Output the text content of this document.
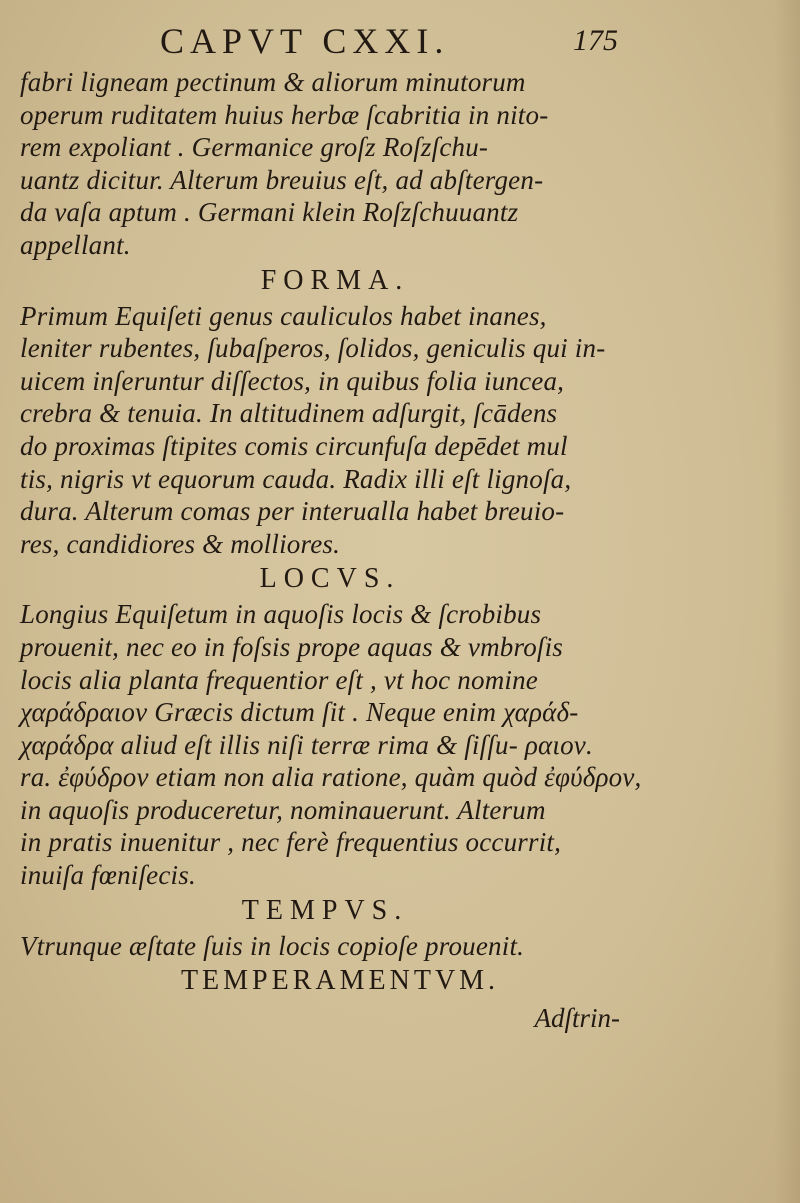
CAPVT CXXI.	175
fabri ligneam pectinum & aliorum minutorum
operum ruditatem huius herbæ ſcabritia in nito-
rem expoliant . Germanice groſz Roſzſchu-
uantz dicitur. Alterum breuius eſt, ad abſtergen-
da vaſa aptum . Germani klein Roſzſchuuantz
appellant.
FORMA.
Primum Equiſeti genus cauliculos habet inanes,
leniter rubentes, ſubaſperos, ſolidos, geniculis qui in-
uicem inſeruntur diſſectos, in quibus folia iuncea,
crebra & tenuia. In altitudinem adſurgit, ſcādens
do proximas ſtipites comis circunfuſa depēdet mul
tis, nigris vt equorum cauda. Radix illi eſt lignoſa,
dura. Alterum comas per interualla habet breuio-
res, candidiores & molliores.
LOCVS.
Longius Equiſetum in aquoſis locis & ſcrobibus
prouenit, nec eo in foſsis prope aquas & vmbroſis
locis alia planta frequentior eſt , vt hoc nomine
χαράδραιον Græcis dictum ſit . Neque enim χαράδ-
χαράδρα aliud eſt illis niſi terræ rima & ſiſſu- ραιον.
ra. ἐφύδρον etiam non alia ratione, quàm quòd ἐφύδρον,
in aquoſis produceretur, nominauerunt. Alterum
in pratis inuenitur , nec ferè frequentius occurrit,
inuiſa fœniſecis.
TEMPVS.
Vtrunque æſtate ſuis in locis copioſe prouenit.
TEMPERAMENTVM.
Adſtrin-
